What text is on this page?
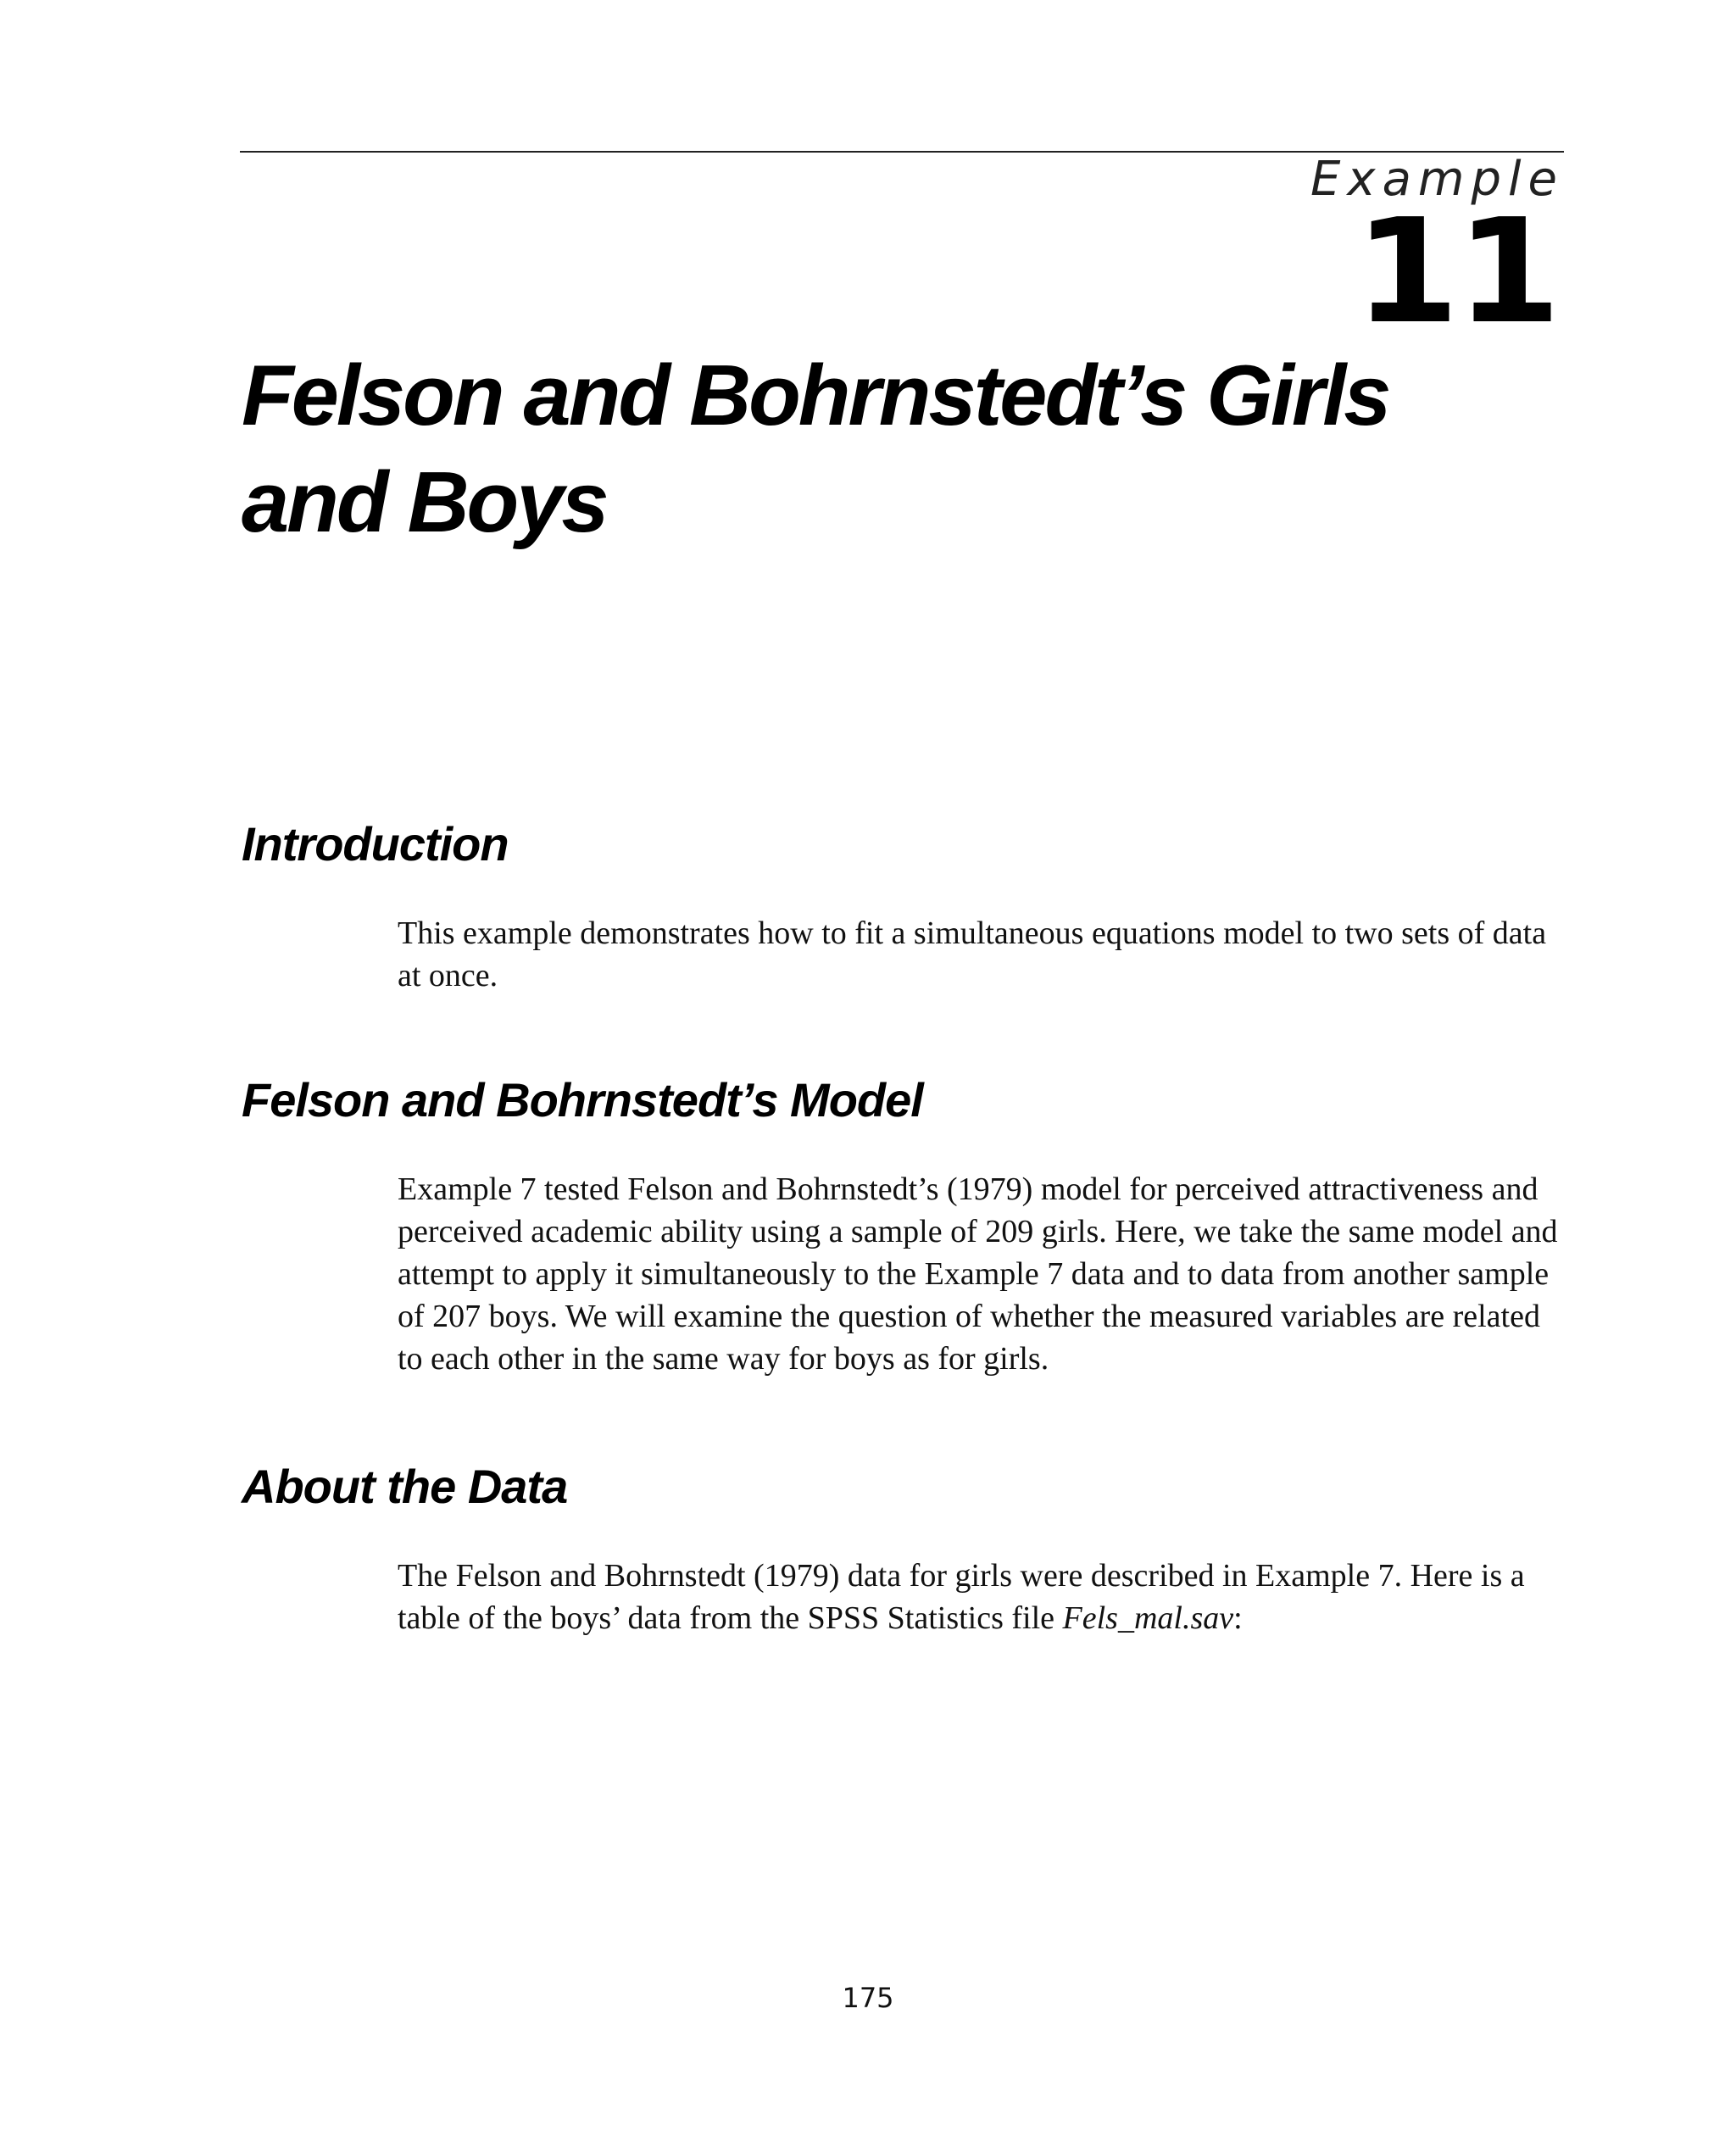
Example
11
Felson and Bohrnstedt’s Girls and Boys
Introduction

This example demonstrates how to fit a simultaneous equations model to two sets of data at once.

Felson and Bohrnstedt’s Model

Example 7 tested Felson and Bohrnstedt’s (1979) model for perceived attractiveness and perceived academic ability using a sample of 209 girls. Here, we take the same model and attempt to apply it simultaneously to the Example 7 data and to data from another sample of 207 boys. We will examine the question of whether the measured variables are related to each other in the same way for boys as for girls.

About the Data

The Felson and Bohrnstedt (1979) data for girls were described in Example 7. Here is a table of the boys’ data from the SPSS Statistics file Fels_mal.sav:

175
